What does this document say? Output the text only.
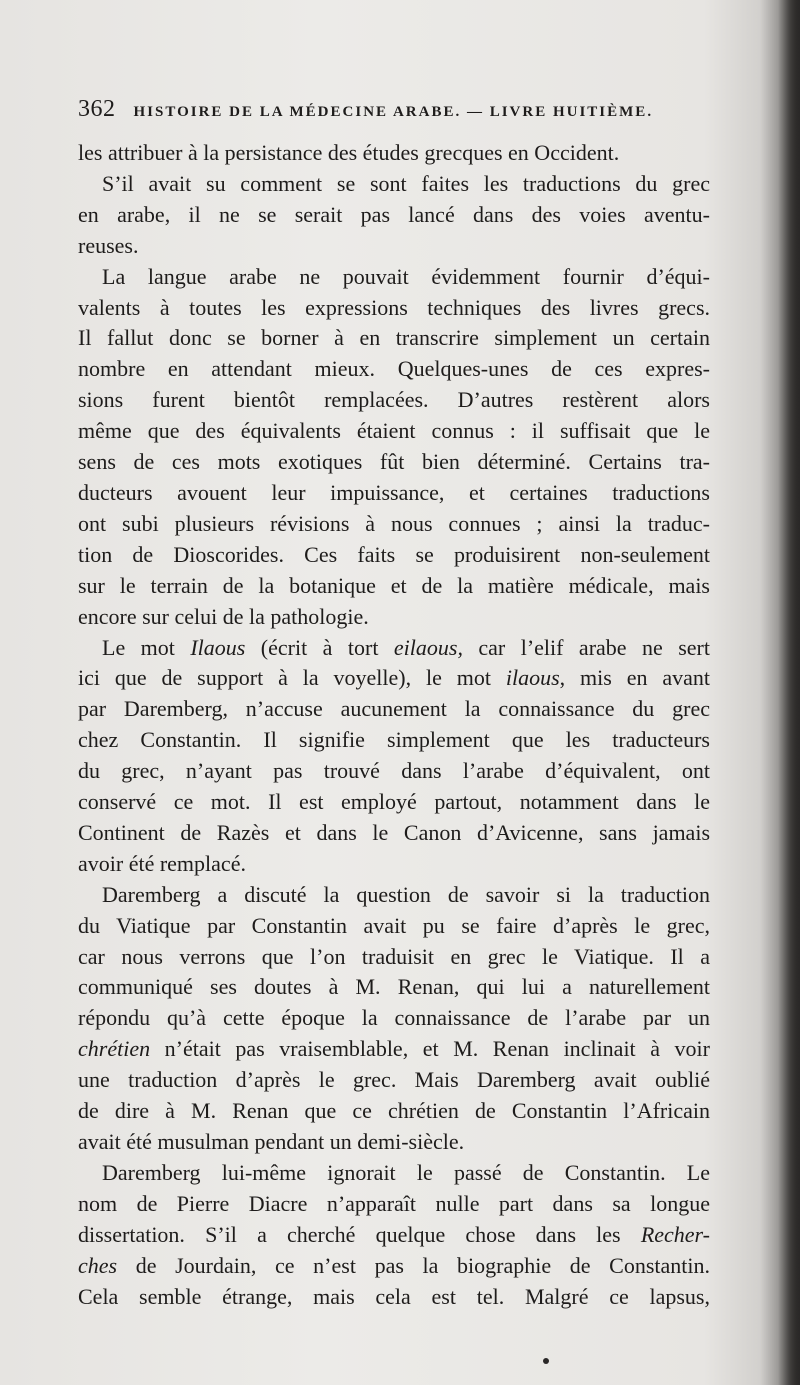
362 HISTOIRE DE LA MÉDECINE ARABE. — LIVRE HUITIÈME.
les attribuer à la persistance des études grecques en Occident.
S’il avait su comment se sont faites les traductions du grec
en arabe, il ne se serait pas lancé dans des voies aventu-
reuses.
La langue arabe ne pouvait évidemment fournir d’équi-
valents à toutes les expressions techniques des livres grecs.
Il fallut donc se borner à en transcrire simplement un certain
nombre en attendant mieux. Quelques-unes de ces expres-
sions furent bientôt remplacées. D’autres restèrent alors
même que des équivalents étaient connus : il suffisait que le
sens de ces mots exotiques fût bien déterminé. Certains tra-
ducteurs avouent leur impuissance, et certaines traductions
ont subi plusieurs révisions à nous connues ; ainsi la traduc-
tion de Dioscorides. Ces faits se produisirent non-seulement
sur le terrain de la botanique et de la matière médicale, mais
encore sur celui de la pathologie.
Le mot Ilaous (écrit à tort eilaous, car l’elif arabe ne sert
ici que de support à la voyelle), le mot ilaous, mis en avant
par Daremberg, n’accuse aucunement la connaissance du grec
chez Constantin. Il signifie simplement que les traducteurs
du grec, n’ayant pas trouvé dans l’arabe d’équivalent, ont
conservé ce mot. Il est employé partout, notamment dans le
Continent de Razès et dans le Canon d’Avicenne, sans jamais
avoir été remplacé.
Daremberg a discuté la question de savoir si la traduction
du Viatique par Constantin avait pu se faire d’après le grec,
car nous verrons que l’on traduisit en grec le Viatique. Il a
communiqué ses doutes à M. Renan, qui lui a naturellement
répondu qu’à cette époque la connaissance de l’arabe par un
chrétien n’était pas vraisemblable, et M. Renan inclinait à voir
une traduction d’après le grec. Mais Daremberg avait oublié
de dire à M. Renan que ce chrétien de Constantin l’Africain
avait été musulman pendant un demi-siècle.
Daremberg lui-même ignorait le passé de Constantin. Le
nom de Pierre Diacre n’apparaît nulle part dans sa longue
dissertation. S’il a cherché quelque chose dans les Recher-
ches de Jourdain, ce n’est pas la biographie de Constantin.
Cela semble étrange, mais cela est tel. Malgré ce lapsus,
